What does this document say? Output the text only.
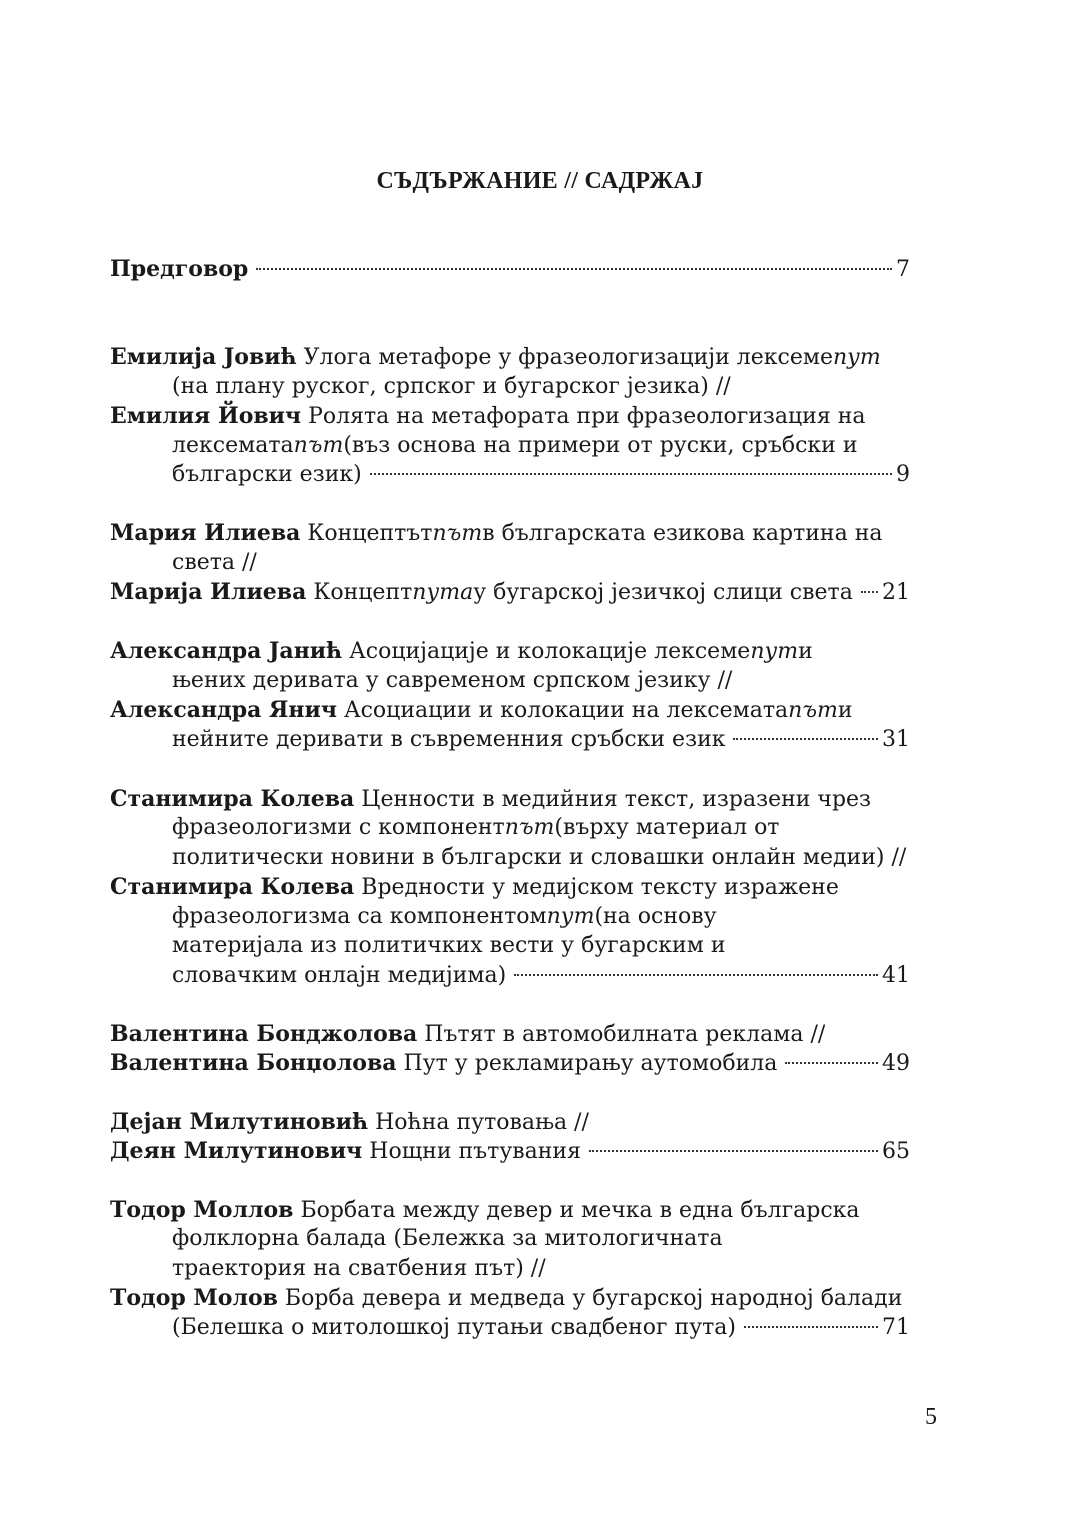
СЪДЪРЖАНИЕ // САДРЖАЈ
Предговор	7
Емилија Јовић
Улога метафоре у фразеологизацији лексеме пут
(на плану руског, српског и бугарског језика) //
Емилия Йович
Ролята на метафората при фразеологизация на
лексемата път (въз основа на примери от руски, сръбски и
български език)	9
Мария Илиева
Концептът път в българската езикова картина на
света //
Марија Илиева
Концепт пута у бугарској језичкој слици света 21
Александра Јанић
Асоцијације и колокације лексеме пут и
њених деривата у савременом српском језику //
Александра Янич
Асоциации и колокации на лексемата път и
нейните деривати в съвременния сръбски език	31
Станимира Колева
Ценности в медийния текст, изразени чрез
фразеологизми с компонент път (върху материал от
политически новини в български и словашки онлайн медии) //
Станимира Колева
Вредности у медијском тексту изражене
фразеологизма са компонентом пут (на основу
материјала из политичких вести у бугарским и
словачким онлајн медијима)	41
Валентина Бонджолова
Пътят в автомобилната реклама //
Валентина Бонџолова
Пут у рекламирању аутомобила	49
Дејан Милутиновић
Ноћна путовања //
Деян Милутинович
Нощни пътувания	65
Тодор Моллов
Борбата между девер и мечка в една българска
фолклорна балада (Бележка за митологичната
траектория на сватбения път) //
Тодор Молов
Борба девера и медведа у бугарској народној балади
(Белешка о митолошкој путањи свадбеног пута)	71
5
